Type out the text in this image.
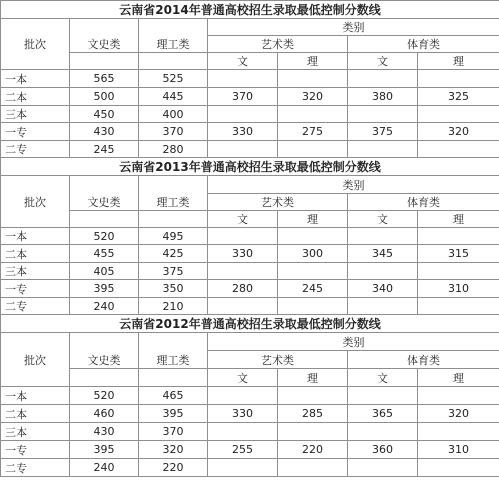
云南省2014年普通高校招生录取最低控制分数线						
批次	文史类	理工类	类别			
			艺术类		体育类	
			文	理	文	理
一本	565	525				
二本	500	445	370	320	380	325
三本	450	400				
一专	430	370	330	275	375	320
二专	245	280				
云南省2013年普通高校招生录取最低控制分数线						
批次	文史类	理工类	类别			
			艺术类		体育类	
			文	理	文	理
一本	520	495				
二本	455	425	330	300	345	315
三本	405	375				
一专	395	350	280	245	340	310
二专	240	210				
云南省2012年普通高校招生录取最低控制分数线						
批次	文史类	理工类	类别			
			艺术类		体育类	
			文	理	文	理
一本	520	465				
二本	460	395	330	285	365	320
三本	430	370				
一专	395	320	255	220	360	310
二专	240	220				
